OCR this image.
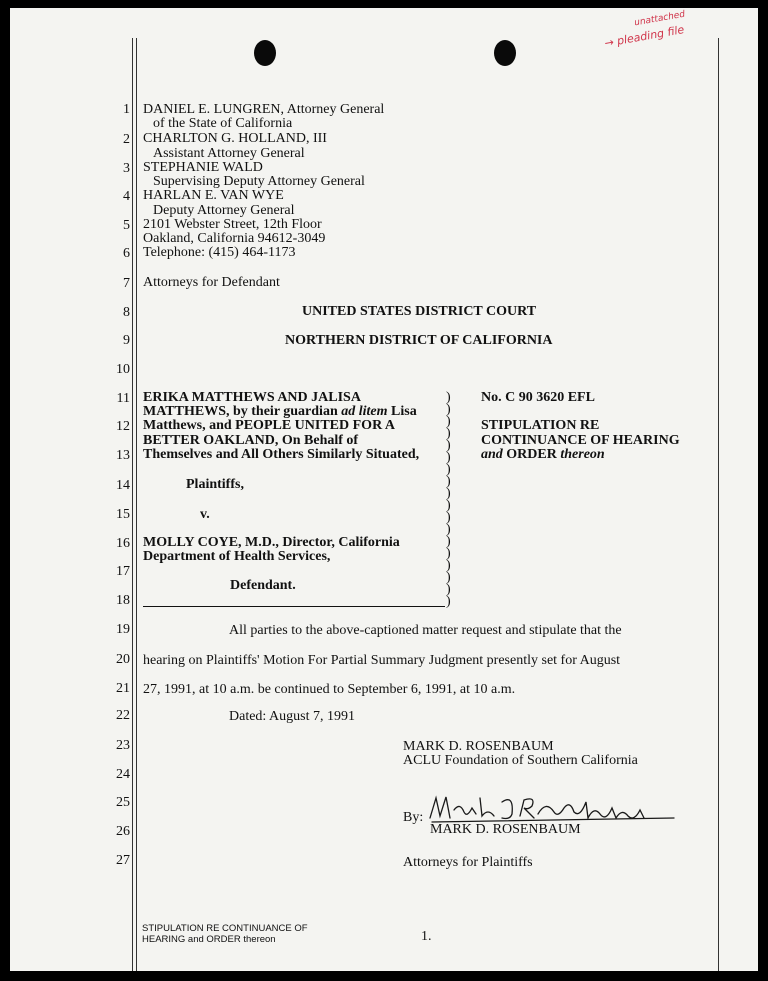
unattached
→ pleading file
1
2
3
4
5
6
7
8
9
10
11
12
13
14
15
16
17
18
19
20
21
22
23
24
25
26
27
DANIEL E. LUNGREN, Attorney General
of the State of California
CHARLTON G. HOLLAND, III
Assistant Attorney General
STEPHANIE WALD
Supervising Deputy Attorney General
HARLAN E. VAN WYE
Deputy Attorney General
2101 Webster Street, 12th Floor
Oakland, California 94612-3049
Telephone: (415) 464-1173
Attorneys for Defendant
UNITED STATES DISTRICT COURT
NORTHERN DISTRICT OF CALIFORNIA
ERIKA MATTHEWS AND JALISA
MATTHEWS, by their guardian ad litem Lisa
Matthews, and PEOPLE UNITED FOR A
BETTER OAKLAND, On Behalf of
Themselves and All Others Similarly Situated,
Plaintiffs,
v.
MOLLY COYE, M.D., Director, California
Department of Health Services,
Defendant.
)
)
)
)
)
)
)
)
)
)
)
)
)
)
)
)
)
)
No. C 90 3620 EFL
STIPULATION RE
CONTINUANCE OF HEARING
and ORDER thereon
All parties to the above-captioned matter request and stipulate that the
hearing on Plaintiffs' Motion For Partial Summary Judgment presently set for August
27, 1991, at 10 a.m. be continued to September 6, 1991, at 10 a.m.
Dated: August 7, 1991
MARK D. ROSENBAUM
ACLU Foundation of Southern California
By:
MARK D. ROSENBAUM
Attorneys for Plaintiffs
STIPULATION RE CONTINUANCE OF
HEARING and ORDER thereon	1.
